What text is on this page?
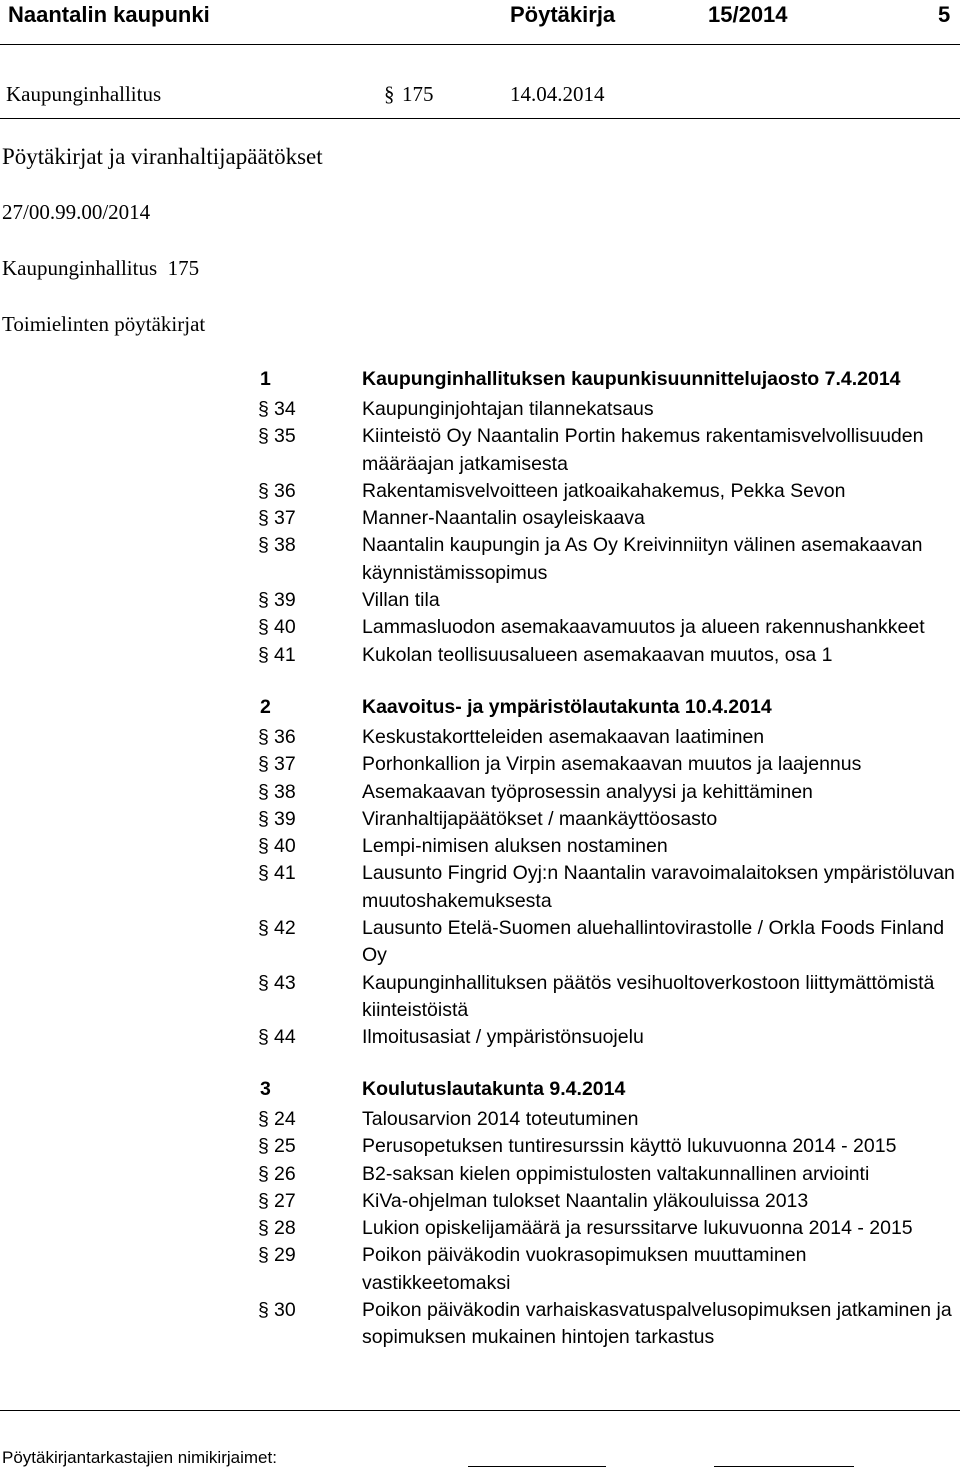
Naantalin kaupunki	Pöytäkirja	15/2014	5
Kaupunginhallitus	§ 175	14.04.2014
Pöytäkirjat ja viranhaltijapäätökset
27/00.99.00/2014
Kaupunginhallitus  175
Toimielinten pöytäkirjat
1	Kaupunginhallituksen kaupunkisuunnittelujaosto 7.4.2014
§ 34	Kaupunginjohtajan tilannekatsaus
§ 35	Kiinteistö Oy Naantalin Portin hakemus rakentamisvelvollisuuden määräajan jatkamisesta
§ 36	Rakentamisvelvoitteen jatkoaikahakemus, Pekka Sevon
§ 37	Manner-Naantalin osayleiskaava
§ 38	Naantalin kaupungin ja As Oy Kreivinniityn välinen asemakaavan käynnistämissopimus
§ 39	Villan tila
§ 40	Lammasluodon asemakaavamuutos ja alueen rakennushankkeet
§ 41	Kukolan teollisuusalueen asemakaavan muutos, osa 1
2	Kaavoitus- ja ympäristölautakunta 10.4.2014
§ 36	Keskustakortteleiden asemakaavan laatiminen
§ 37	Porhonkallion ja Virpin asemakaavan muutos ja laajennus
§ 38	Asemakaavan työprosessin analyysi ja kehittäminen
§ 39	Viranhaltijapäätökset / maankäyttöosasto
§ 40	Lempi-nimisen aluksen nostaminen
§ 41	Lausunto Fingrid Oyj:n Naantalin varavoimalaitoksen ympäristöluvan muutoshakemuksesta
§ 42	Lausunto Etelä-Suomen aluehallintovirastolle / Orkla Foods Finland Oy
§ 43	Kaupunginhallituksen päätös vesihuoltoverkostoon liittymättömistä kiinteistöistä
§ 44	Ilmoitusasiat / ympäristönsuojelu
3	Koulutuslautakunta 9.4.2014
§ 24	Talousarvion 2014 toteutuminen
§ 25	Perusopetuksen tuntiresurssin käyttö lukuvuonna 2014 - 2015
§ 26	B2-saksan kielen oppimistulosten valtakunnallinen arviointi
§ 27	KiVa-ohjelman tulokset Naantalin yläkouluissa 2013
§ 28	Lukion opiskelijamäärä ja resurssitarve lukuvuonna 2014 - 2015
§ 29	Poikon päiväkodin vuokrasopimuksen muuttaminen vastikkeetomaksi
§ 30	Poikon päiväkodin varhaiskasvatuspalvelusopimuksen jatkaminen ja sopimuksen mukainen hintojen tarkastus
Pöytäkirjantarkastajien nimikirjaimet:
